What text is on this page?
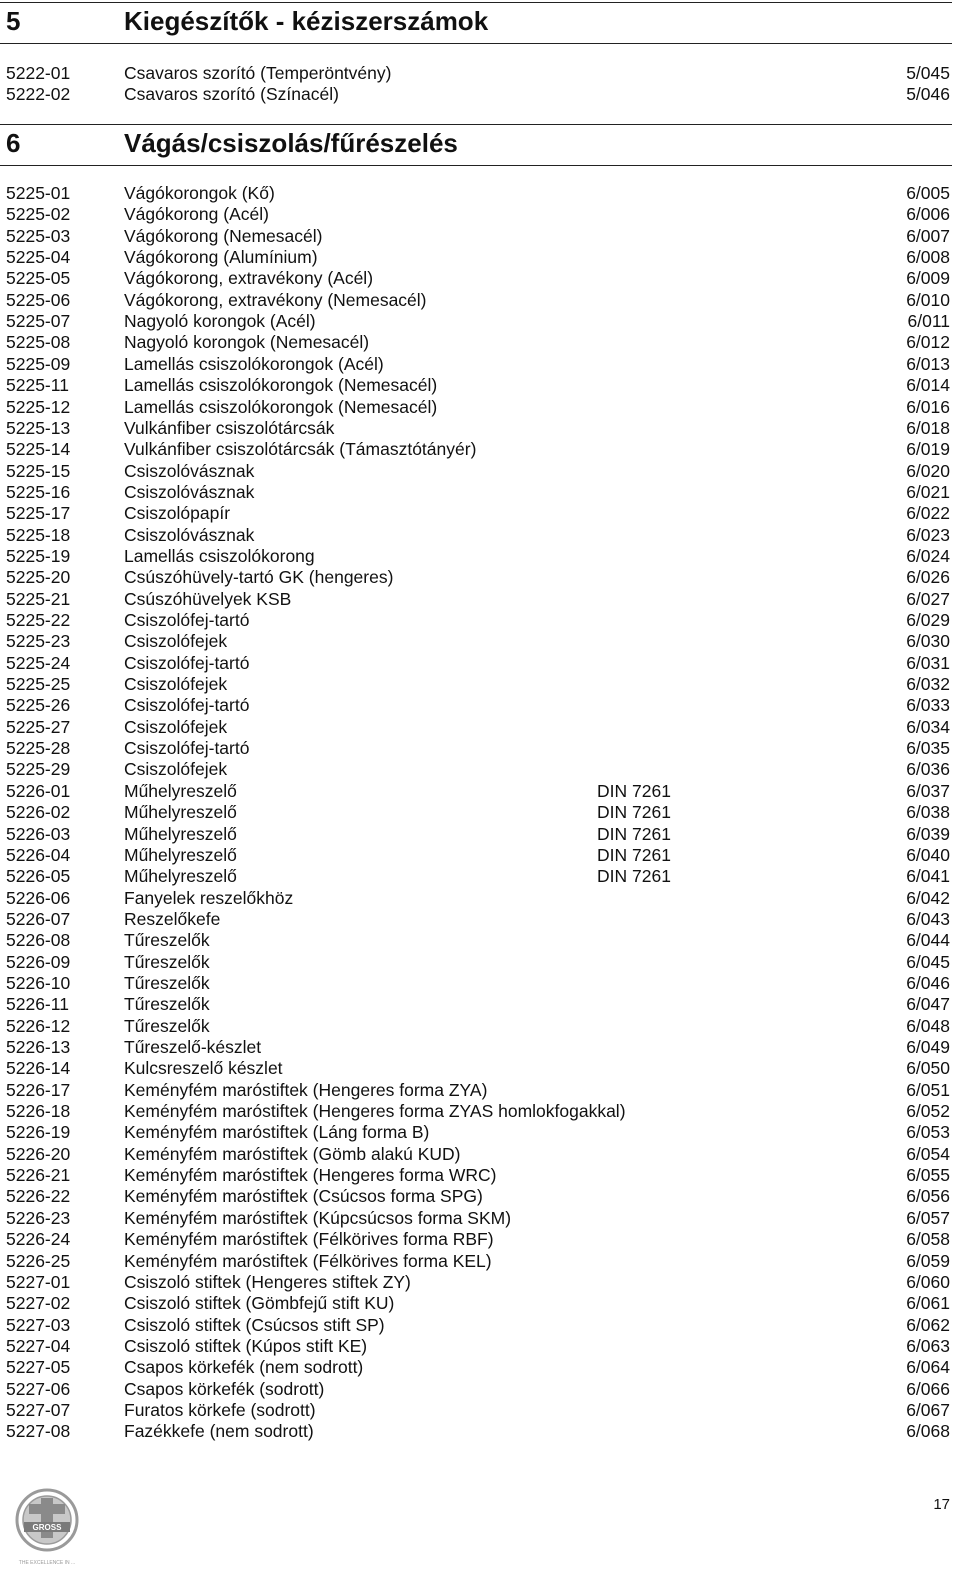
5	Kiegészítők - kéziszerszámok
5222-01	Csavaros szorító (Temperöntvény)	5/045
5222-02	Csavaros szorító (Színacél)	5/046
6	Vágás/csiszolás/fűrészelés
5225-01	Vágókorongok (Kő)	6/005
5225-02	Vágókorong (Acél)	6/006
5225-03	Vágókorong (Nemesacél)	6/007
5225-04	Vágókorong (Alumínium)	6/008
5225-05	Vágókorong, extravékony (Acél)	6/009
5225-06	Vágókorong, extravékony (Nemesacél)	6/010
5225-07	Nagyoló korongok (Acél)	6/011
5225-08	Nagyoló korongok (Nemesacél)	6/012
5225-09	Lamellás csiszolókorongok (Acél)	6/013
5225-11	Lamellás csiszolókorongok (Nemesacél)	6/014
5225-12	Lamellás csiszolókorongok (Nemesacél)	6/016
5225-13	Vulkánfiber csiszolótárcsák	6/018
5225-14	Vulkánfiber csiszolótárcsák (Támasztótányér)	6/019
5225-15	Csiszolóvásznak	6/020
5225-16	Csiszolóvásznak	6/021
5225-17	Csiszolópapír	6/022
5225-18	Csiszolóvásznak	6/023
5225-19	Lamellás csiszolókorong	6/024
5225-20	Csúszóhüvely-tartó GK (hengeres)	6/026
5225-21	Csúszóhüvelyek KSB	6/027
5225-22	Csiszolófej-tartó	6/029
5225-23	Csiszolófejek	6/030
5225-24	Csiszolófej-tartó	6/031
5225-25	Csiszolófejek	6/032
5225-26	Csiszolófej-tartó	6/033
5225-27	Csiszolófejek	6/034
5225-28	Csiszolófej-tartó	6/035
5225-29	Csiszolófejek	6/036
5226-01	Műhelyreszelő	DIN 7261	6/037
5226-02	Műhelyreszelő	DIN 7261	6/038
5226-03	Műhelyreszelő	DIN 7261	6/039
5226-04	Műhelyreszelő	DIN 7261	6/040
5226-05	Műhelyreszelő	DIN 7261	6/041
5226-06	Fanyelek reszelőkhöz	6/042
5226-07	Reszelőkefe	6/043
5226-08	Tűreszelők	6/044
5226-09	Tűreszelők	6/045
5226-10	Tűreszelők	6/046
5226-11	Tűreszelők	6/047
5226-12	Tűreszelők	6/048
5226-13	Tűreszelő-készlet	6/049
5226-14	Kulcsreszelő készlet	6/050
5226-17	Keményfém maróstiftek (Hengeres forma ZYA)	6/051
5226-18	Keményfém maróstiftek (Hengeres forma ZYAS homlokfogakkal)	6/052
5226-19	Keményfém maróstiftek (Láng forma B)	6/053
5226-20	Keményfém maróstiftek (Gömb alakú KUD)	6/054
5226-21	Keményfém maróstiftek (Hengeres forma WRC)	6/055
5226-22	Keményfém maróstiftek (Csúcsos forma SPG)	6/056
5226-23	Keményfém maróstiftek (Kúpcsúcsos forma SKM)	6/057
5226-24	Keményfém maróstiftek (Félkörives forma RBF)	6/058
5226-25	Keményfém maróstiftek (Félkörives forma KEL)	6/059
5227-01	Csiszoló stiftek (Hengeres stiftek ZY)	6/060
5227-02	Csiszoló stiftek (Gömbfejű stift KU)	6/061
5227-03	Csiszoló stiftek (Csúcsos stift SP)	6/062
5227-04	Csiszoló stiftek (Kúpos stift KE)	6/063
5227-05	Csapos körkefék (nem sodrott)	6/064
5227-06	Csapos körkefék (sodrott)	6/066
5227-07	Furatos körkefe (sodrott)	6/067
5227-08	Fazékkefe (nem sodrott)	6/068
GROSS
THE EXCELLENCE IN ...
17
